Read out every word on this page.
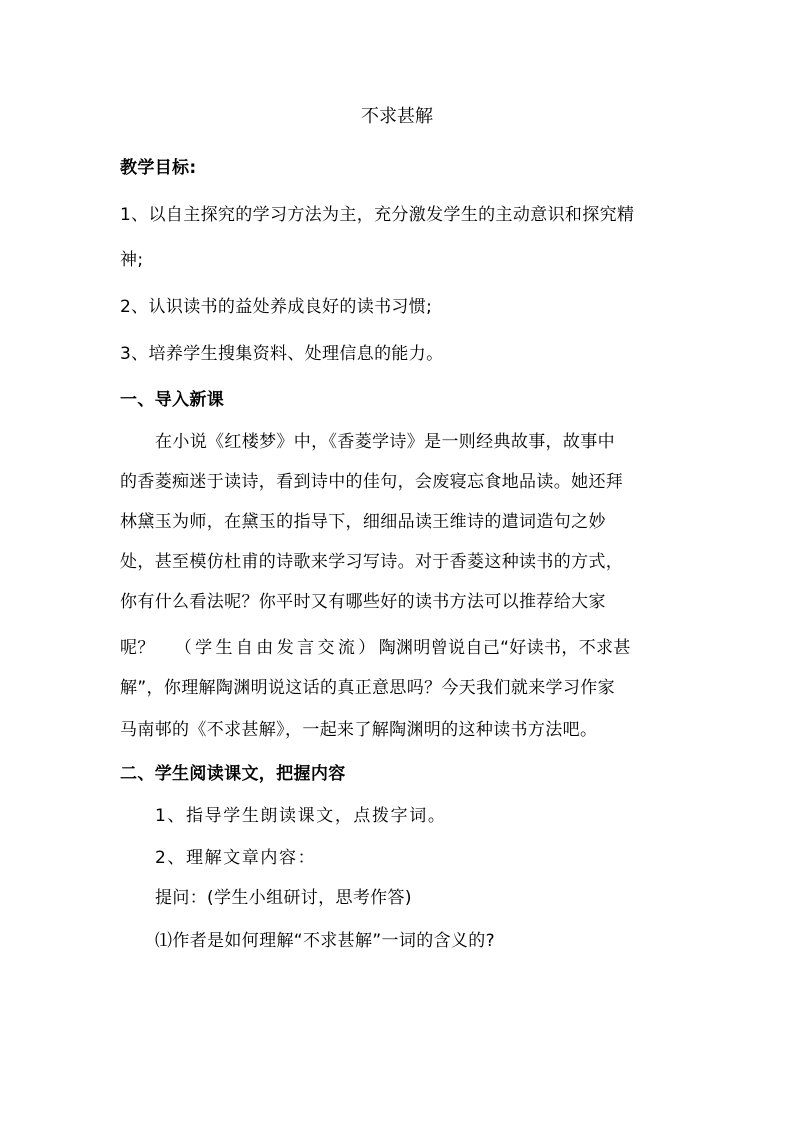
不求甚解
教学目标:
1、以自主探究的学习方法为主，充分激发学生的主动意识和探究精
神;
2、认识读书的益处养成良好的读书习惯;
3、培养学生搜集资料、处理信息的能力。
一、导入新课
在小说《红楼梦》中，《香菱学诗》是一则经典故事，故事中
的香菱痴迷于读诗，看到诗中的佳句，会废寝忘食地品读。她还拜
林黛玉为师，在黛玉的指导下，细细品读王维诗的遣词造句之妙
处，甚至模仿杜甫的诗歌来学习写诗。对于香菱这种读书的方式，
你有什么看法呢？你平时又有哪些好的读书方法可以推荐给大家
呢？ （学生自由发言交流）陶渊明曾说自己“好读书，不求甚
解”，你理解陶渊明说这话的真正意思吗？今天我们就来学习作家
马南邨的《不求甚解》，一起来了解陶渊明的这种读书方法吧。
二、学生阅读课文，把握内容
1、指导学生朗读课文，点拨字词。
2、理解文章内容：
提问：(学生小组研讨，思考作答)
⑴作者是如何理解“不求甚解”一词的含义的?
